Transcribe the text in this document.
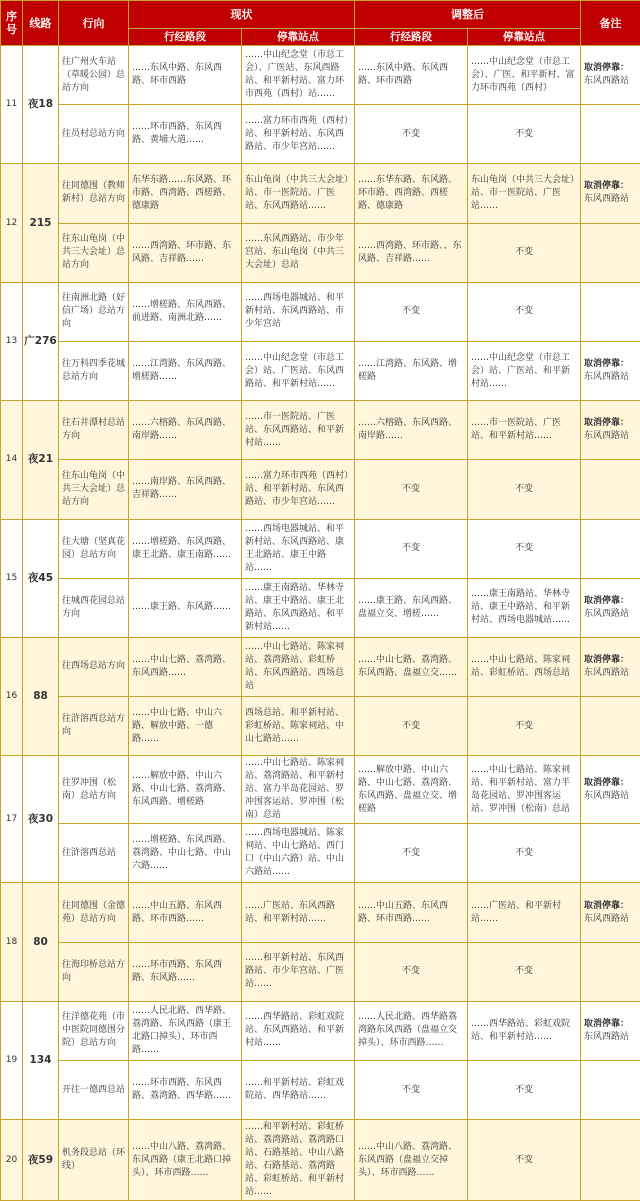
序号	线路	行向	现状		调整后		备注
			行经路段	停靠站点	行经路段	停靠站点	
11	夜18	往广州火车站（草暖公园）总站方向	……东风中路、东风西路、环市西路	……中山纪念堂（市总工会）、广医站、东风西路站、和平新村站、富力环市西苑（西村）站……	……东风中路、东风西路、环市西路	……中山纪念堂（市总工会）、广医、和平新村、富力环市西苑（西村）	取消停靠：
东风西路站
		往员村总站方向	……环市西路、东风西路、黄埔大道……	……富力环市西苑（西村）站、和平新村站、东风西路站、市少年宫站……	不变	不变	
12	215	往同德围（教师新村）总站方向	东华东路……东风路、环市路、西湾路、西槎路、德康路	东山龟岗（中共三大会址）站、市一医院站、广医站、东风西路站……	……东华东路、东风路、环市路、西湾路、西槎路、德康路	东山龟岗（中共三大会址）站、市一医院站、广医站……	取消停靠：
东风西路站
		往东山龟岗（中共三大会址）总站方向	……西湾路、环市路、东风路、吉祥路……	……东风西路站、市少年宫站、东山龟岗（中共三大会址）总站	……西湾路、环市路、、东风路、吉祥路……	不变	
13	广276	往南洲北路（好信广场）总站方向	……增槎路、东风西路、前进路、南洲北路……	……西场电器城站、和平新村站、东风西路站、市少年宫站	不变	不变	
		往万科四季花城总站方向	……江湾路、东风西路、增槎路……	……中山纪念堂（市总工会）站、广医站、东风西路站、和平新村站……	……江湾路、东风路、增槎路	……中山纪念堂（市总工会）站、广医站、和平新村站……	取消停靠：
东风西路站
14	夜21	往石井潭村总站方向	……六榕路、东风西路、南岸路……	……市一医院站、广医站、东风西路站、和平新村站……	……六榕路、东风西路、南岸路……	……市一医院站、广医站、和平新村站……	取消停靠：
东风西路站
		往东山龟岗（中共三大会址）总站方向	……南岸路、东风西路、吉祥路……	……富力环市西苑（西村）站、和平新村站、东风西路站、市少年宫站……	不变	不变	
15	夜45	往大塘（坚真花园）总站方向	……增槎路、东风西路、康王北路、康王南路……	……西场电器城站、和平新村站、东风西路站、康王北路站、康王中路站……	不变	不变	
		往城西花园总站方向	……康王路、东风路……	……康王南路站、华林寺站、康王中路站、康王北路站、东风西路站、和平新村站……	……康王路、东风西路、盘福立交、增槎……	……康王南路站、华林寺站、康王中路站、和平新村站、西场电器城站……	取消停靠：
东风西路站
16	88	往西场总站方向	……中山七路、荔湾路、东风西路……	……中山七路站、陈家祠站、荔湾路站、彩虹桥站、东风西路站、西场总站	……中山七路、荔湾路、东风西路、盘福立交……	……中山七路站、陈家祠站、彩虹桥站、西场总站	取消停靠：
东风西路站
		往浒溶西总站方向	……中山七路、中山六路、解放中路、一德路……	西场总站、和平新村站、彩虹桥站、陈家祠站、中山七路站……	不变	不变	
17	夜30	往罗冲围（松南）总站方向	……解放中路、中山六路、中山七路、荔湾路、东风西路、增槎路	……中山七路站、陈家祠站、荔湾路站、和平新村站、富力半岛花园站、罗冲围客运站、罗冲围（松南）总站	……解放中路、中山六路、中山七路、荔湾路、东风西路、盘福立交、增槎路	……中山七路站、陈家祠站、和平新村站、富力半岛花园站、罗冲围客运站、罗冲围（松南）总站	取消停靠：
东风西路站
		往浒溶西总站	……增槎路、东风西路、荔湾路、中山七路、中山六路……	……西场电器城站、陈家祠站、中山七路站、西门口（中山六路）站、中山六路站……	不变	不变	
18	80	往同德围（金德苑）总站方向	……中山五路、东风西路、环市西路……	……广医站、东风西路站、和平新村站……	……中山五路、东风西路、环市西路……	……广医站、和平新村站……	取消停靠：
东风西路站
		往海印桥总站方向	……环市西路、东风西路、东风路……	……和平新村站、东风西路站、市少年宫站、广医站……	不变	不变	
19	134	往洋德花苑（市中医院同德围分院）总站方向	……人民北路、西华路、荔湾路、东风西路（康王北路口掉头）、环市西路……	……西华路站、彩虹戏院站、东风西路站、和平新村站……	……人民北路、西华路荔湾路东风西路（盘福立交掉头）、环市西路……	……西华路站、彩虹戏院站、和平新村站……	取消停靠：
东风西路站
		开往一德西总站	……环市西路、东风西路、荔湾路、西华路……	……和平新村站、彩虹戏院站、西华路站……	不变	不变	
20	夜59	机务段总站（环线）	……中山八路、荔湾路、东风西路（康王北路口掉头）、环市西路……	……和平新村站、彩虹桥站、荔湾路站、荔湾路口站、石路基站、中山八路站、石路基站、荔湾路站、彩虹桥站、和平新村站……	……中山八路、荔湾路、东风西路（盘福立交掉头）、环市西路……	不变	
